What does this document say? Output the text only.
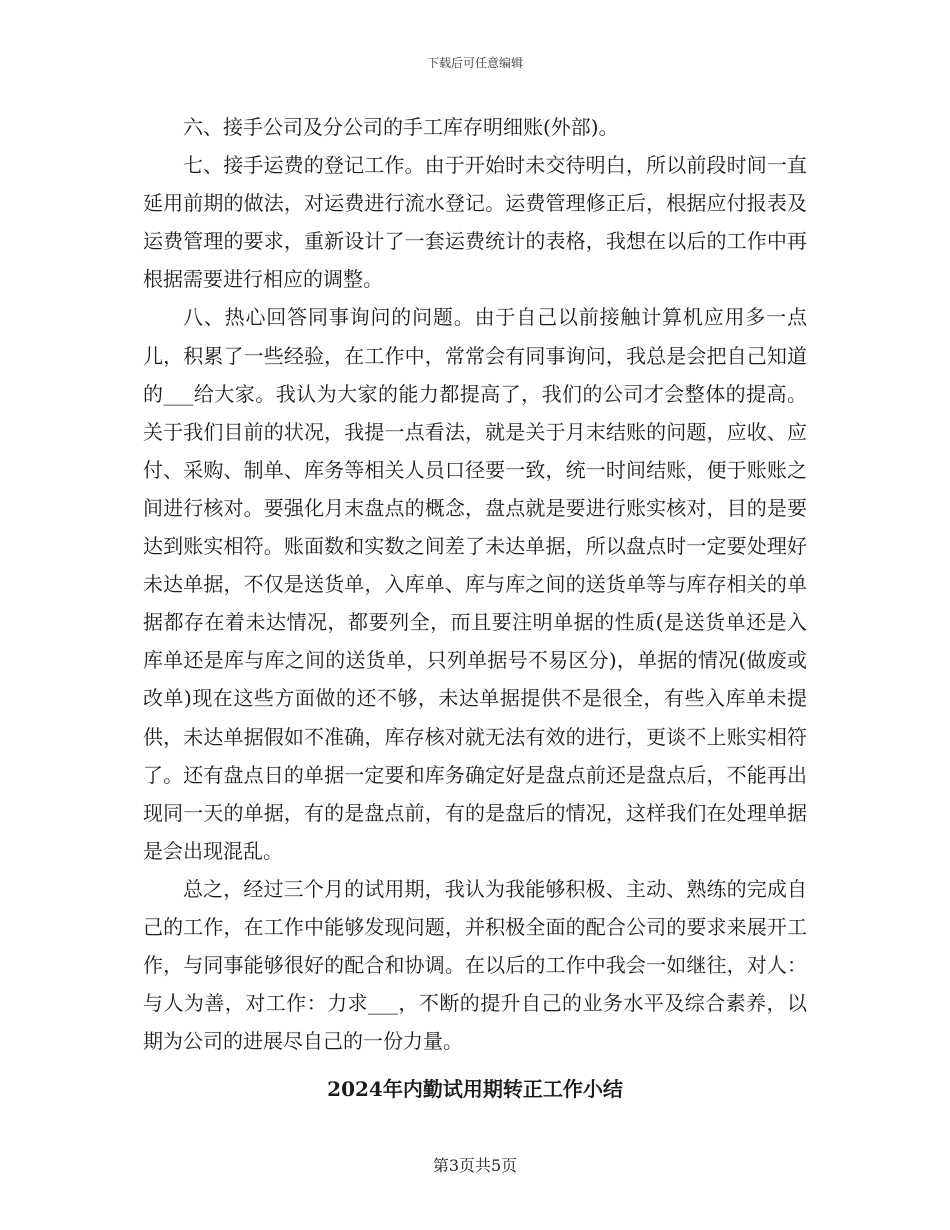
下载后可任意编辑

六、接手公司及分公司的手工库存明细账(外部)。

七、接手运费的登记工作。由于开始时未交待明白，所以前段时间一直延用前期的做法，对运费进行流水登记。运费管理修正后，根据应付报表及运费管理的要求，重新设计了一套运费统计的表格，我想在以后的工作中再根据需要进行相应的调整。

八、热心回答同事询问的问题。由于自己以前接触计算机应用多一点儿，积累了一些经验，在工作中，常常会有同事询问，我总是会把自己知道的___给大家。我认为大家的能力都提高了，我们的公司才会整体的提高。关于我们目前的状况，我提一点看法，就是关于月末结账的问题，应收、应付、采购、制单、库务等相关人员口径要一致，统一时间结账，便于账账之间进行核对。要强化月末盘点的概念，盘点就是要进行账实核对，目的是要达到账实相符。账面数和实数之间差了未达单据，所以盘点时一定要处理好未达单据，不仅是送货单，入库单、库与库之间的送货单等与库存相关的单据都存在着未达情况，都要列全，而且要注明单据的性质(是送货单还是入库单还是库与库之间的送货单，只列单据号不易区分)，单据的情况(做废或改单)现在这些方面做的还不够，未达单据提供不是很全，有些入库单未提供，未达单据假如不准确，库存核对就无法有效的进行，更谈不上账实相符了。还有盘点日的单据一定要和库务确定好是盘点前还是盘点后，不能再出现同一天的单据，有的是盘点前，有的是盘后的情况，这样我们在处理单据是会出现混乱。

总之，经过三个月的试用期，我认为我能够积极、主动、熟练的完成自己的工作，在工作中能够发现问题，并积极全面的配合公司的要求来展开工作，与同事能够很好的配合和协调。在以后的工作中我会一如继往，对人：与人为善，对工作：力求___，不断的提升自己的业务水平及综合素养，以期为公司的进展尽自己的一份力量。

2024年内勤试用期转正工作小结
第3页共5页
